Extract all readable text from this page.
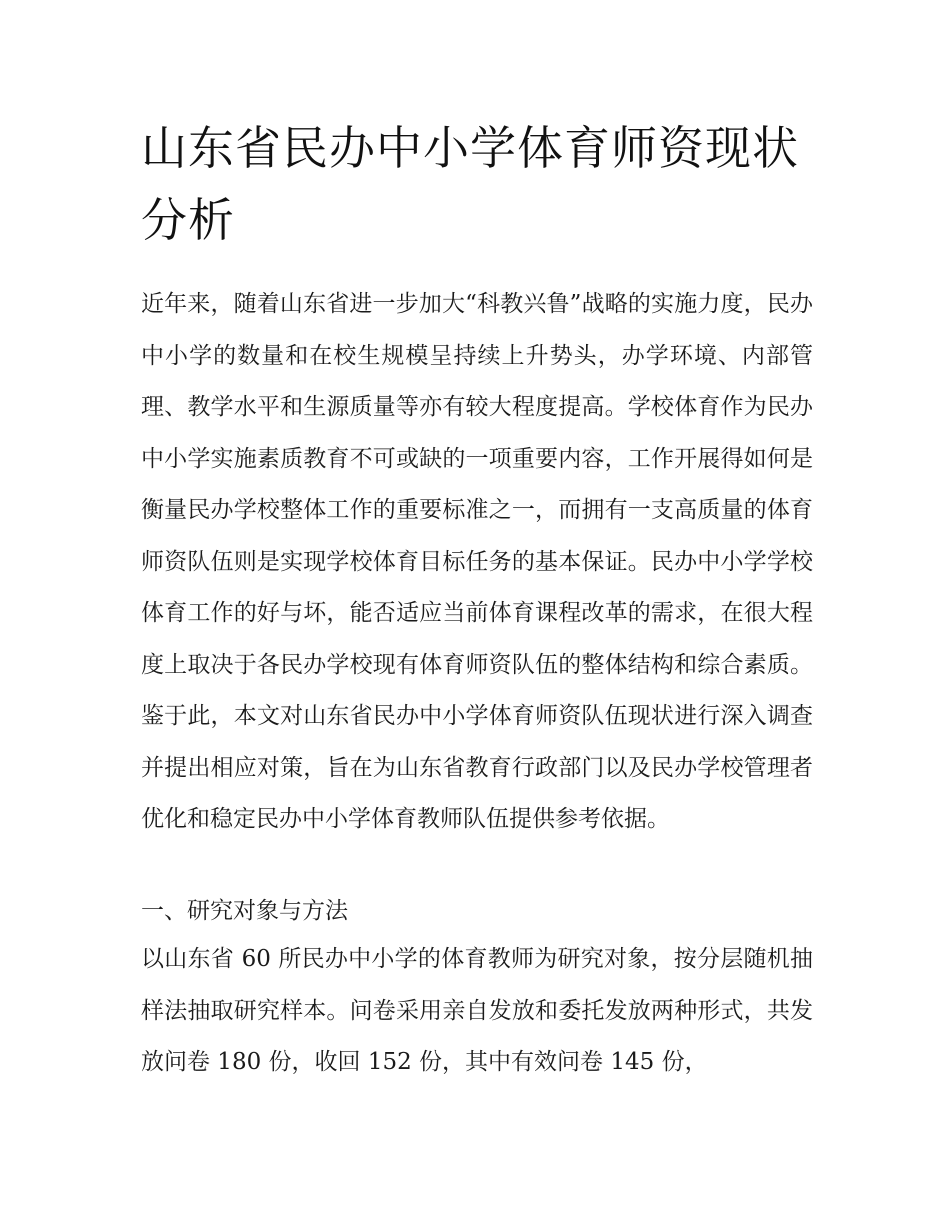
山东省民办中小学体育师资现状分析

近年来，随着山东省进一步加大“科教兴鲁”战略的实施力度，民办中小学的数量和在校生规模呈持续上升势头，办学环境、内部管理、教学水平和生源质量等亦有较大程度提高。学校体育作为民办中小学实施素质教育不可或缺的一项重要内容，工作开展得如何是衡量民办学校整体工作的重要标准之一，而拥有一支高质量的体育师资队伍则是实现学校体育目标任务的基本保证。民办中小学学校体育工作的好与坏，能否适应当前体育课程改革的需求，在很大程度上取决于各民办学校现有体育师资队伍的整体结构和综合素质。鉴于此，本文对山东省民办中小学体育师资队伍现状进行深入调查并提出相应对策，旨在为山东省教育行政部门以及民办学校管理者优化和稳定民办中小学体育教师队伍提供参考依据。

一、研究对象与方法

以山东省 60 所民办中小学的体育教师为研究对象，按分层随机抽样法抽取研究样本。问卷采用亲自发放和委托发放两种形式，共发放问卷 180 份，收回 152 份，其中有效问卷 145 份，
